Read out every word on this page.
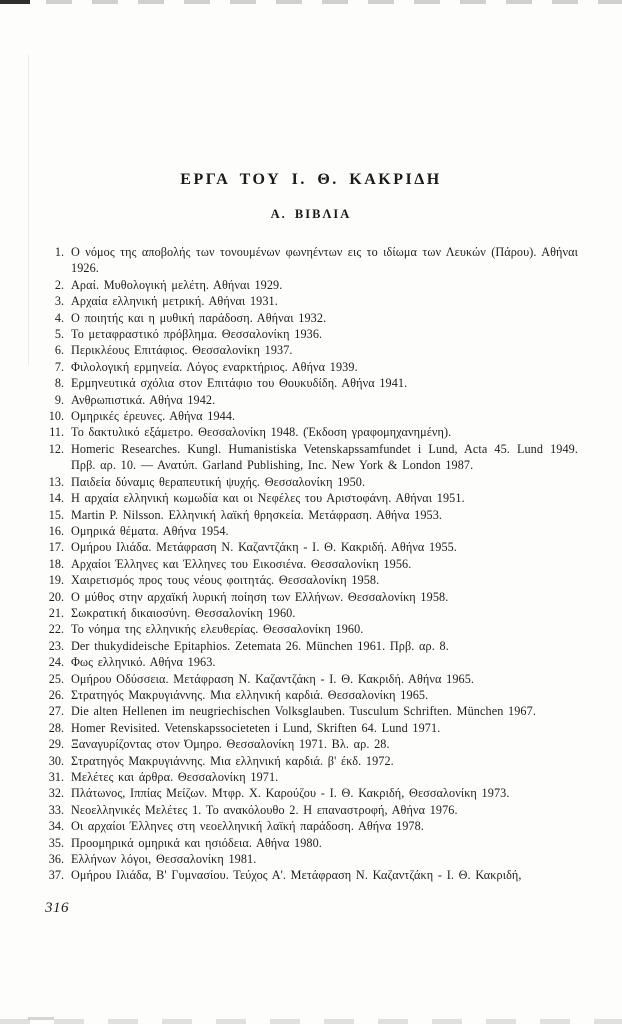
ΕΡΓΑ ΤΟΥ Ι. Θ. ΚΑΚΡΙΔΗ
Α. ΒΙΒΛΙΑ
1. Ο νόμος της αποβολής των τονουμένων φωνηέντων εις το ιδίωμα των Λευκών (Πάρου). Αθήναι 1926.
2. Αραί. Μυθολογική μελέτη. Αθήναι 1929.
3. Αρχαία ελληνική μετρική. Αθήναι 1931.
4. Ο ποιητής και η μυθική παράδοση. Αθήναι 1932.
5. Το μεταφραστικό πρόβλημα. Θεσσαλονίκη 1936.
6. Περικλέους Επιτάφιος. Θεσσαλονίκη 1937.
7. Φιλολογική ερμηνεία. Λόγος εναρκτήριος. Αθήνα 1939.
8. Ερμηνευτικά σχόλια στον Επιτάφιο του Θουκυδίδη. Αθήνα 1941.
9. Ανθρωπιστικά. Αθήνα 1942.
10. Ομηρικές έρευνες. Αθήνα 1944.
11. Το δακτυλικό εξάμετρο. Θεσσαλονίκη 1948. (Έκδοση γραφομηχανημένη).
12. Homeric Researches. Kungl. Humanistiska Vetenskapssamfundet i Lund, Acta 45. Lund 1949. Πρβ. αρ. 10. — Ανατύπ. Garland Publishing, Inc. New York & London 1987.
13. Παιδεία δύναμις θεραπευτική ψυχής. Θεσσαλονίκη 1950.
14. Η αρχαία ελληνική κωμωδία και οι Νεφέλες του Αριστοφάνη. Αθήναι 1951.
15. Martin P. Nilsson. Ελληνική λαϊκή θρησκεία. Μετάφραση. Αθήνα 1953.
16. Ομηρικά θέματα. Αθήνα 1954.
17. Ομήρου Ιλιάδα. Μετάφραση Ν. Καζαντζάκη - Ι. Θ. Κακριδή. Αθήνα 1955.
18. Αρχαίοι Έλληνες και Έλληνες του Εικοσιένα. Θεσσαλονίκη 1956.
19. Χαιρετισμός προς τους νέους φοιτητάς. Θεσσαλονίκη 1958.
20. Ο μύθος στην αρχαϊκή λυρική ποίηση των Ελλήνων. Θεσσαλονίκη 1958.
21. Σωκρατική δικαιοσύνη. Θεσσαλονίκη 1960.
22. Το νόημα της ελληνικής ελευθερίας. Θεσσαλονίκη 1960.
23. Der thukydideische Epitaphios. Zetemata 26. München 1961. Πρβ. αρ. 8.
24. Φως ελληνικό. Αθήνα 1963.
25. Ομήρου Οδύσσεια. Μετάφραση Ν. Καζαντζάκη - Ι. Θ. Κακριδή. Αθήνα 1965.
26. Στρατηγός Μακρυγιάννης. Μια ελληνική καρδιά. Θεσσαλονίκη 1965.
27. Die alten Hellenen im neugriechischen Volksglauben. Tusculum Schriften. München 1967.
28. Homer Revisited. Vetenskapssocieteten i Lund, Skriften 64. Lund 1971.
29. Ξαναγυρίζοντας στον Όμηρο. Θεσσαλονίκη 1971. Βλ. αρ. 28.
30. Στρατηγός Μακρυγιάννης. Μια ελληνική καρδιά. β' έκδ. 1972.
31. Μελέτες και άρθρα. Θεσσαλονίκη 1971.
32. Πλάτωνος, Ιππίας Μείζων. Μτφρ. Χ. Καρούζου - Ι. Θ. Κακριδή, Θεσσαλονίκη 1973.
33. Νεοελληνικές Μελέτες 1. Το ανακόλουθο 2. Η επαναστροφή, Αθήνα 1976.
34. Οι αρχαίοι Έλληνες στη νεοελληνική λαϊκή παράδοση. Αθήνα 1978.
35. Προομηρικά ομηρικά και ησιόδεια. Αθήνα 1980.
36. Ελλήνων λόγοι, Θεσσαλονίκη 1981.
37. Ομήρου Ιλιάδα, Β' Γυμνασίου. Τεύχος Α'. Μετάφραση Ν. Καζαντζάκη - Ι. Θ. Κακριδή,
316
